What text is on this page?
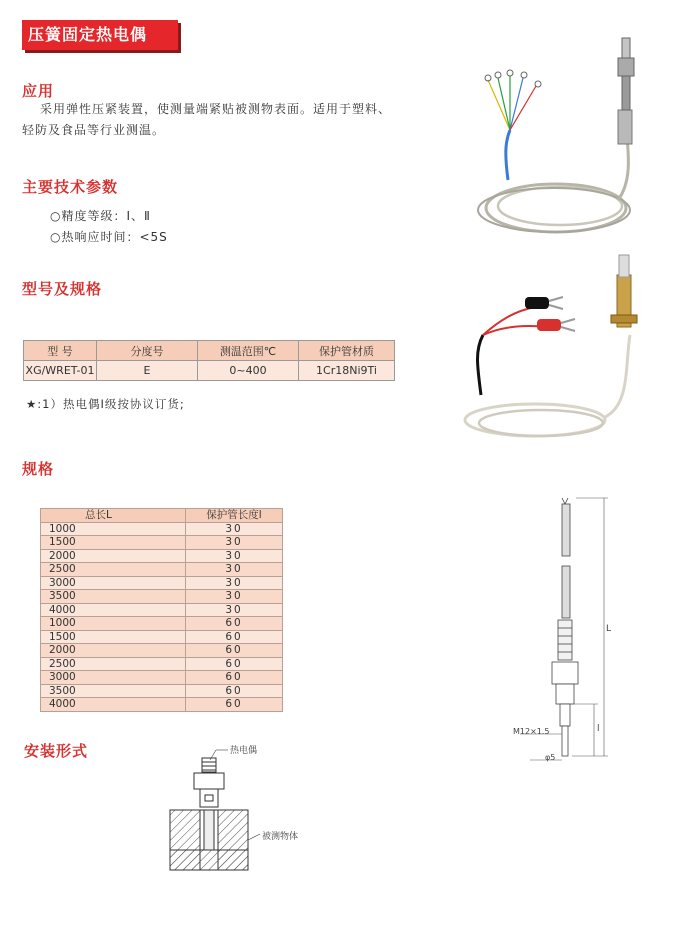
压簧固定热电偶
应用
采用弹性压紧装置，使测量端紧贴被测物表面。适用于塑料、
轻防及食品等行业测温。
主要技术参数
○精度等级：Ⅰ、Ⅱ
○热响应时间：<5S
型号及规格
型 号	分度号	测温范围℃	保护管材质
XG/WRET-01	E	0~400	1Cr18Ni9Ti
★:1）热电偶Ⅰ级按协议订货;
规格
总长L	保护管长度l
1000	30
1500	30
2000	30
2500	30
3000	30
3500	30
4000	30
1000	60
1500	60
2000	60
2500	60
3000	60
3500	60
4000	60
安装形式	热电偶
被测物体
L
l
M12×1.5
φ5
